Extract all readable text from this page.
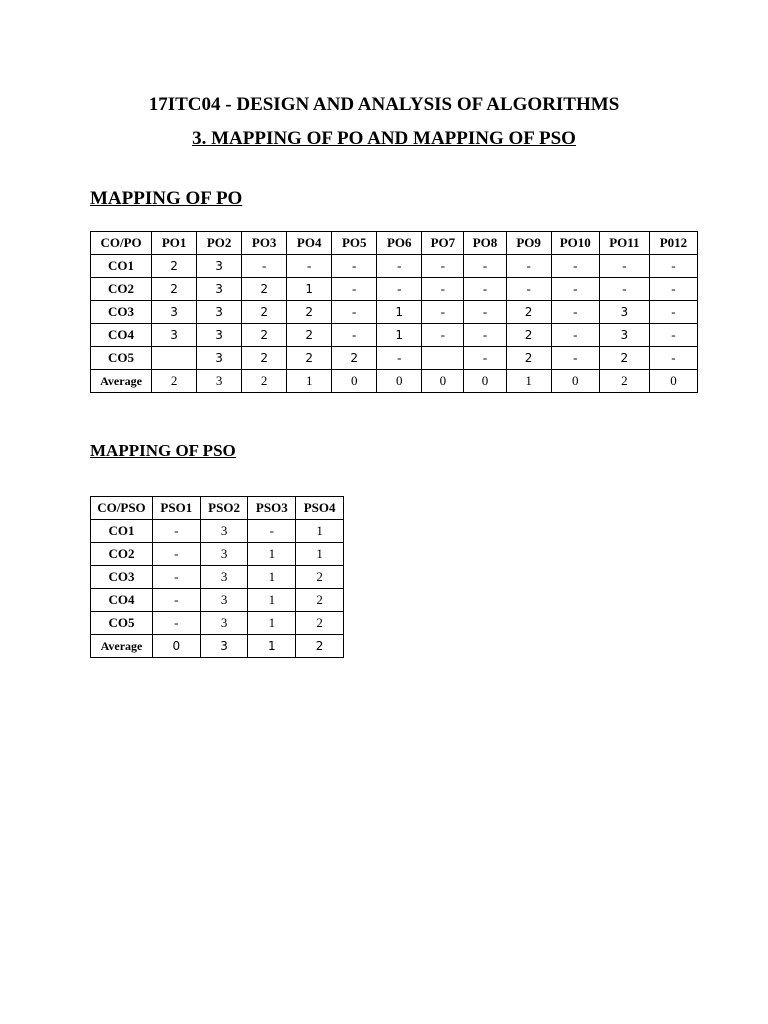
17ITC04 - DESIGN AND ANALYSIS OF ALGORITHMS
3. MAPPING OF PO AND MAPPING OF PSO
MAPPING OF PO
CO/PO	PO1	PO2	PO3	PO4	PO5	PO6	PO7	PO8	PO9	PO10	PO11	P012
CO1	2	3	-	-	-	-	-	-	-	-	-	-
CO2	2	3	2	1	-	-	-	-	-	-	-	-
CO3	3	3	2	2	-	1	-	-	2	-	3	-
CO4	3	3	2	2	-	1	-	-	2	-	3	-
CO5		3	2	2	2	-		-	2	-	2	-
Average	2	3	2	1	0	0	0	0	1	0	2	0
MAPPING OF PSO
CO/PSO	PSO1	PSO2	PSO3	PSO4
CO1	-	3	-	1
CO2	-	3	1	1
CO3	-	3	1	2
CO4	-	3	1	2
CO5	-	3	1	2
Average	0	3	1	2
